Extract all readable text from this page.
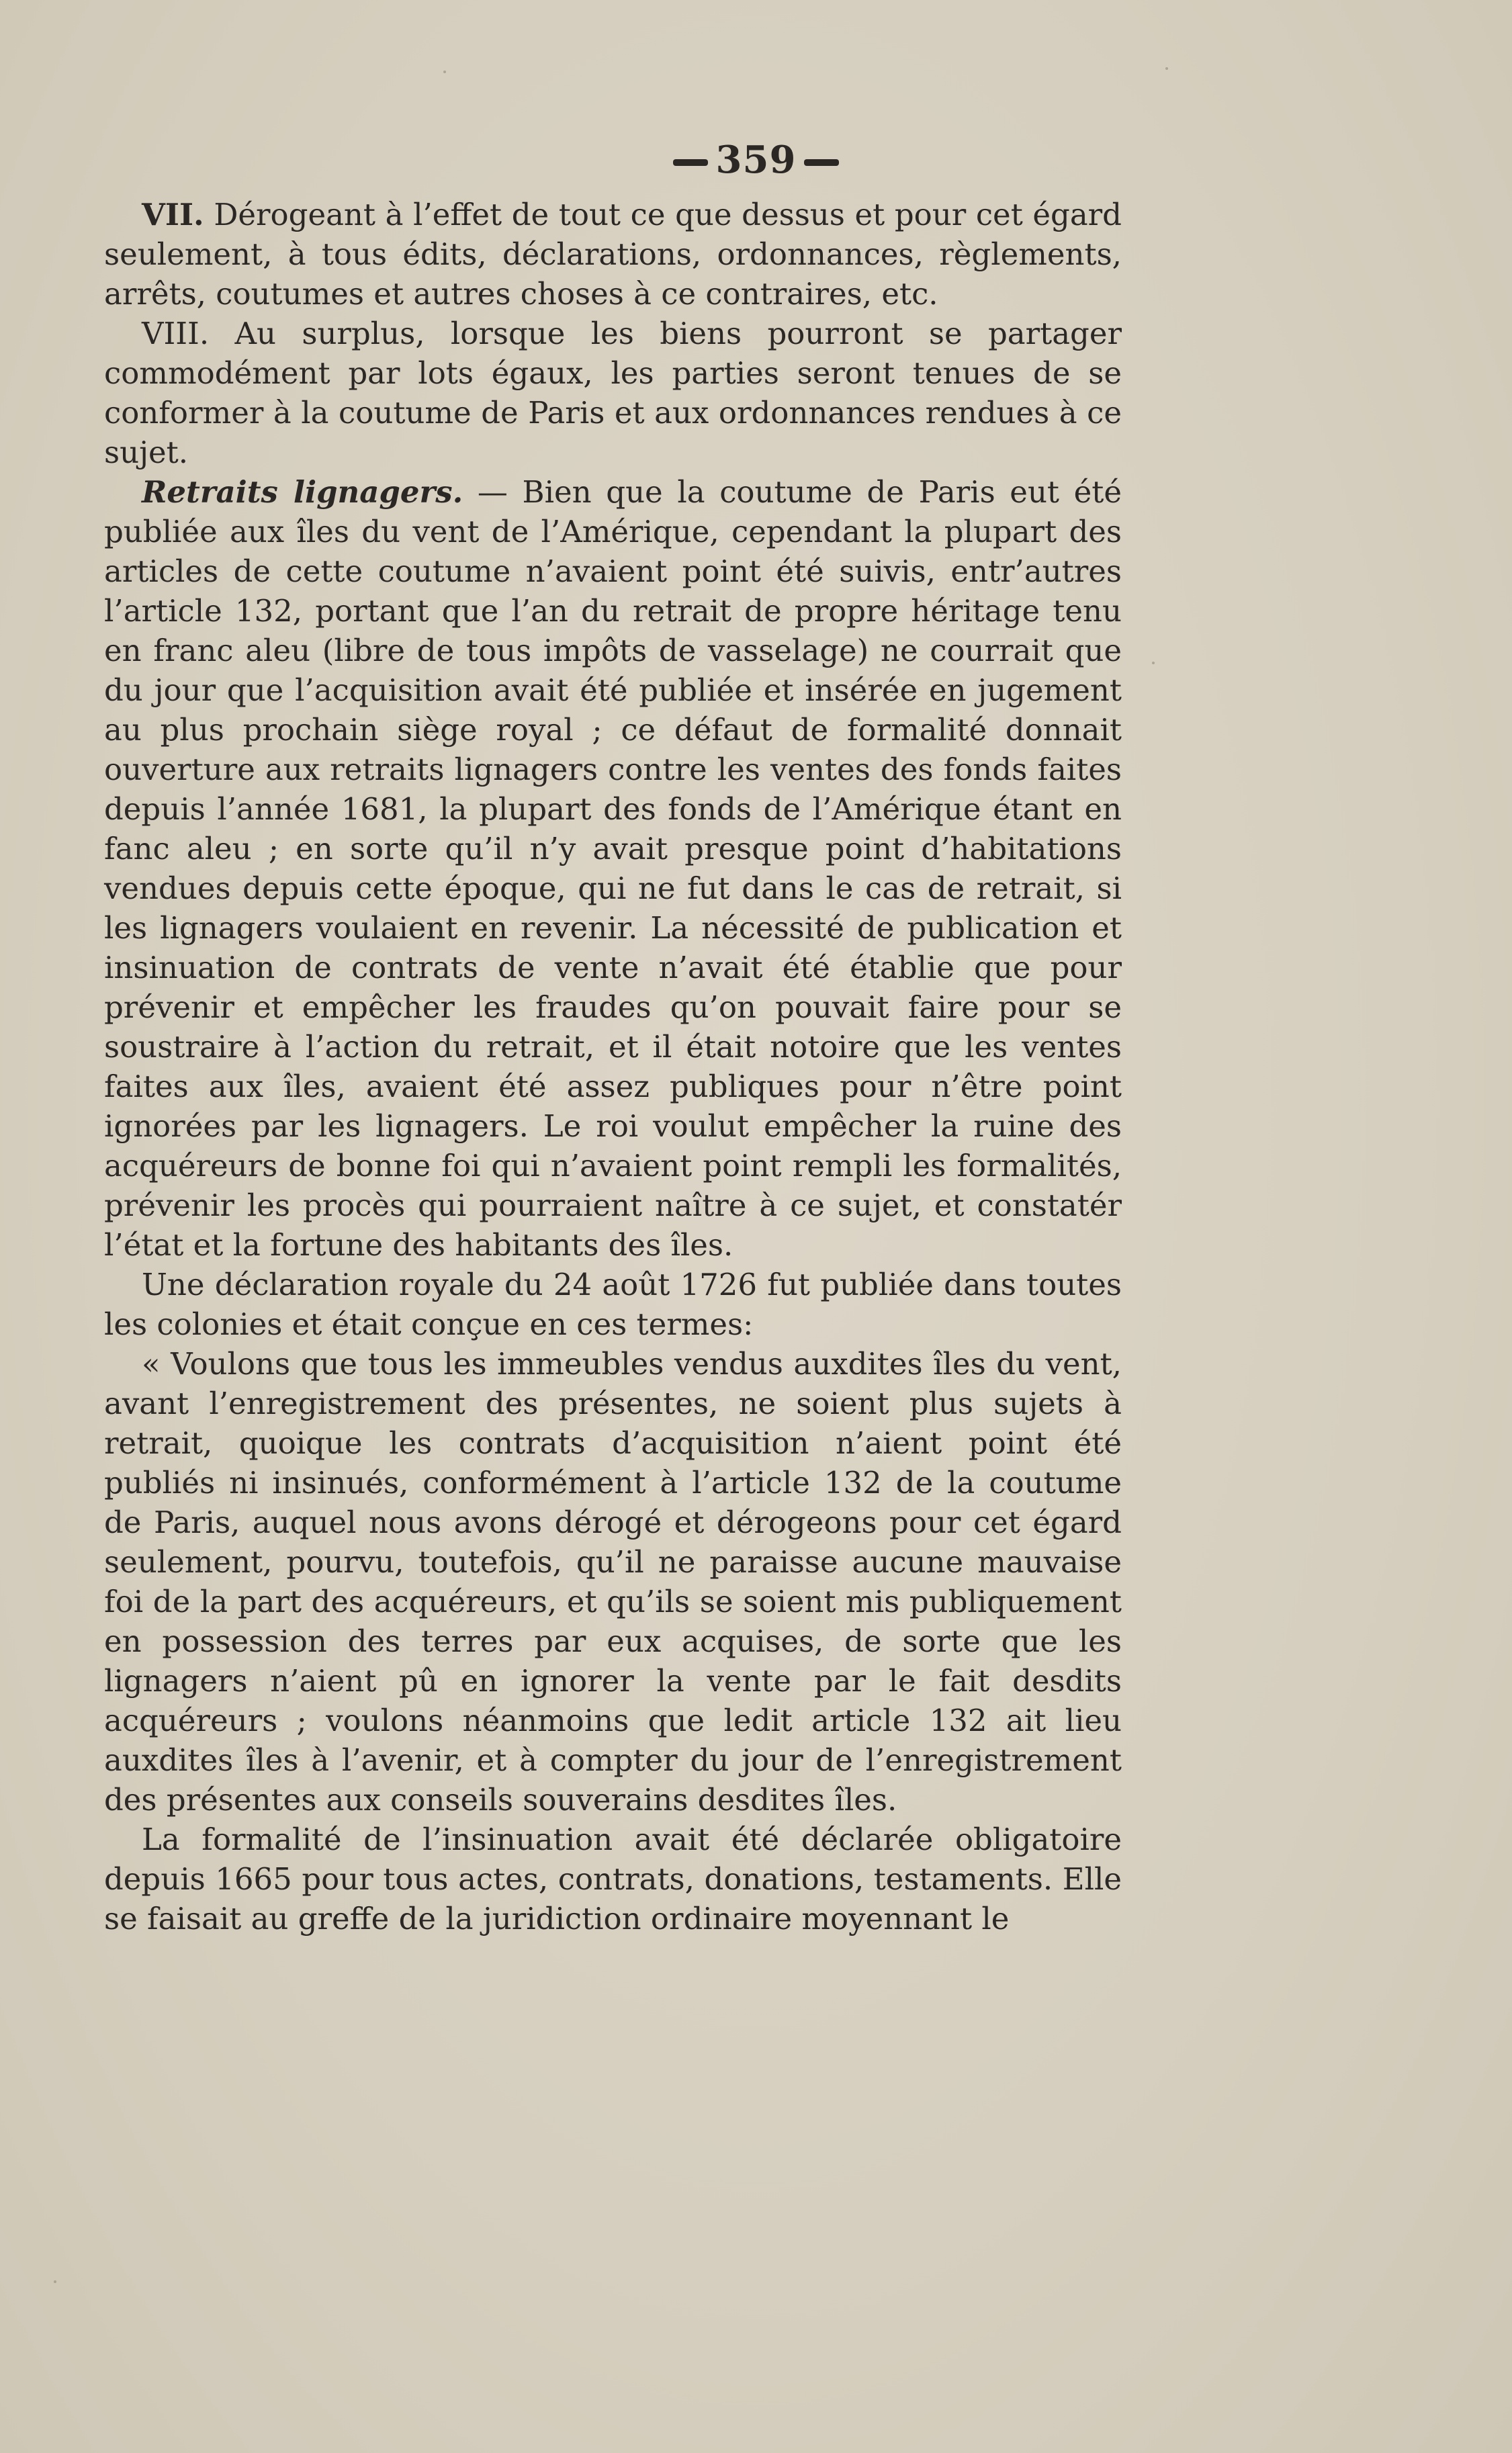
359

VII. Dérogeant à l’effet de tout ce que dessus et pour cet égard seulement, à tous édits, déclarations, ordonnances, règlements, arrêts, coutumes et autres choses à ce contraires, etc.

VIII. Au surplus, lorsque les biens pourront se partager commodément par lots égaux, les parties seront tenues de se conformer à la coutume de Paris et aux ordonnances rendues à ce sujet.

Retraits lignagers. — Bien que la coutume de Paris eut été publiée aux îles du vent de l’Amérique, cependant la plupart des articles de cette coutume n’avaient point été suivis, entr’autres l’article 132, portant que l’an du retrait de propre héritage tenu en franc aleu (libre de tous impôts de vasselage) ne courrait que du jour que l’acquisition avait été publiée et insérée en jugement au plus prochain siège royal ; ce défaut de formalité donnait ouverture aux retraits lignagers contre les ventes des fonds faites depuis l’année 1681, la plupart des fonds de l’Amérique étant en fanc aleu ; en sorte qu’il n’y avait presque point d’habitations vendues depuis cette époque, qui ne fut dans le cas de retrait, si les lignagers voulaient en revenir. La nécessité de publication et insinuation de contrats de vente n’avait été établie que pour prévenir et empêcher les fraudes qu’on pouvait faire pour se soustraire à l’action du retrait, et il était notoire que les ventes faites aux îles, avaient été assez publiques pour n’être point ignorées par les lignagers. Le roi voulut empêcher la ruine des acquéreurs de bonne foi qui n’avaient point rempli les formalités, prévenir les procès qui pourraient naître à ce sujet, et constatér l’état et la fortune des habitants des îles.

Une déclaration royale du 24 août 1726 fut publiée dans toutes les colonies et était conçue en ces termes:

« Voulons que tous les immeubles vendus auxdites îles du vent, avant l’enregistrement des présentes, ne soient plus sujets à retrait, quoique les contrats d’acquisition n’aient point été publiés ni insinués, conformément à l’article 132 de la coutume de Paris, auquel nous avons dérogé et dérogeons pour cet égard seulement, pourvu, toutefois, qu’il ne paraisse aucune mauvaise foi de la part des acquéreurs, et qu’ils se soient mis publiquement en possession des terres par eux acquises, de sorte que les lignagers n’aient pû en ignorer la vente par le fait desdits acquéreurs ; voulons néanmoins que ledit article 132 ait lieu auxdites îles à l’avenir, et à compter du jour de l’enregistrement des présentes aux conseils souverains desdites îles.

La formalité de l’insinuation avait été déclarée obligatoire depuis 1665 pour tous actes, contrats, donations, testaments. Elle se faisait au greffe de la juridiction ordinaire moyennant le
